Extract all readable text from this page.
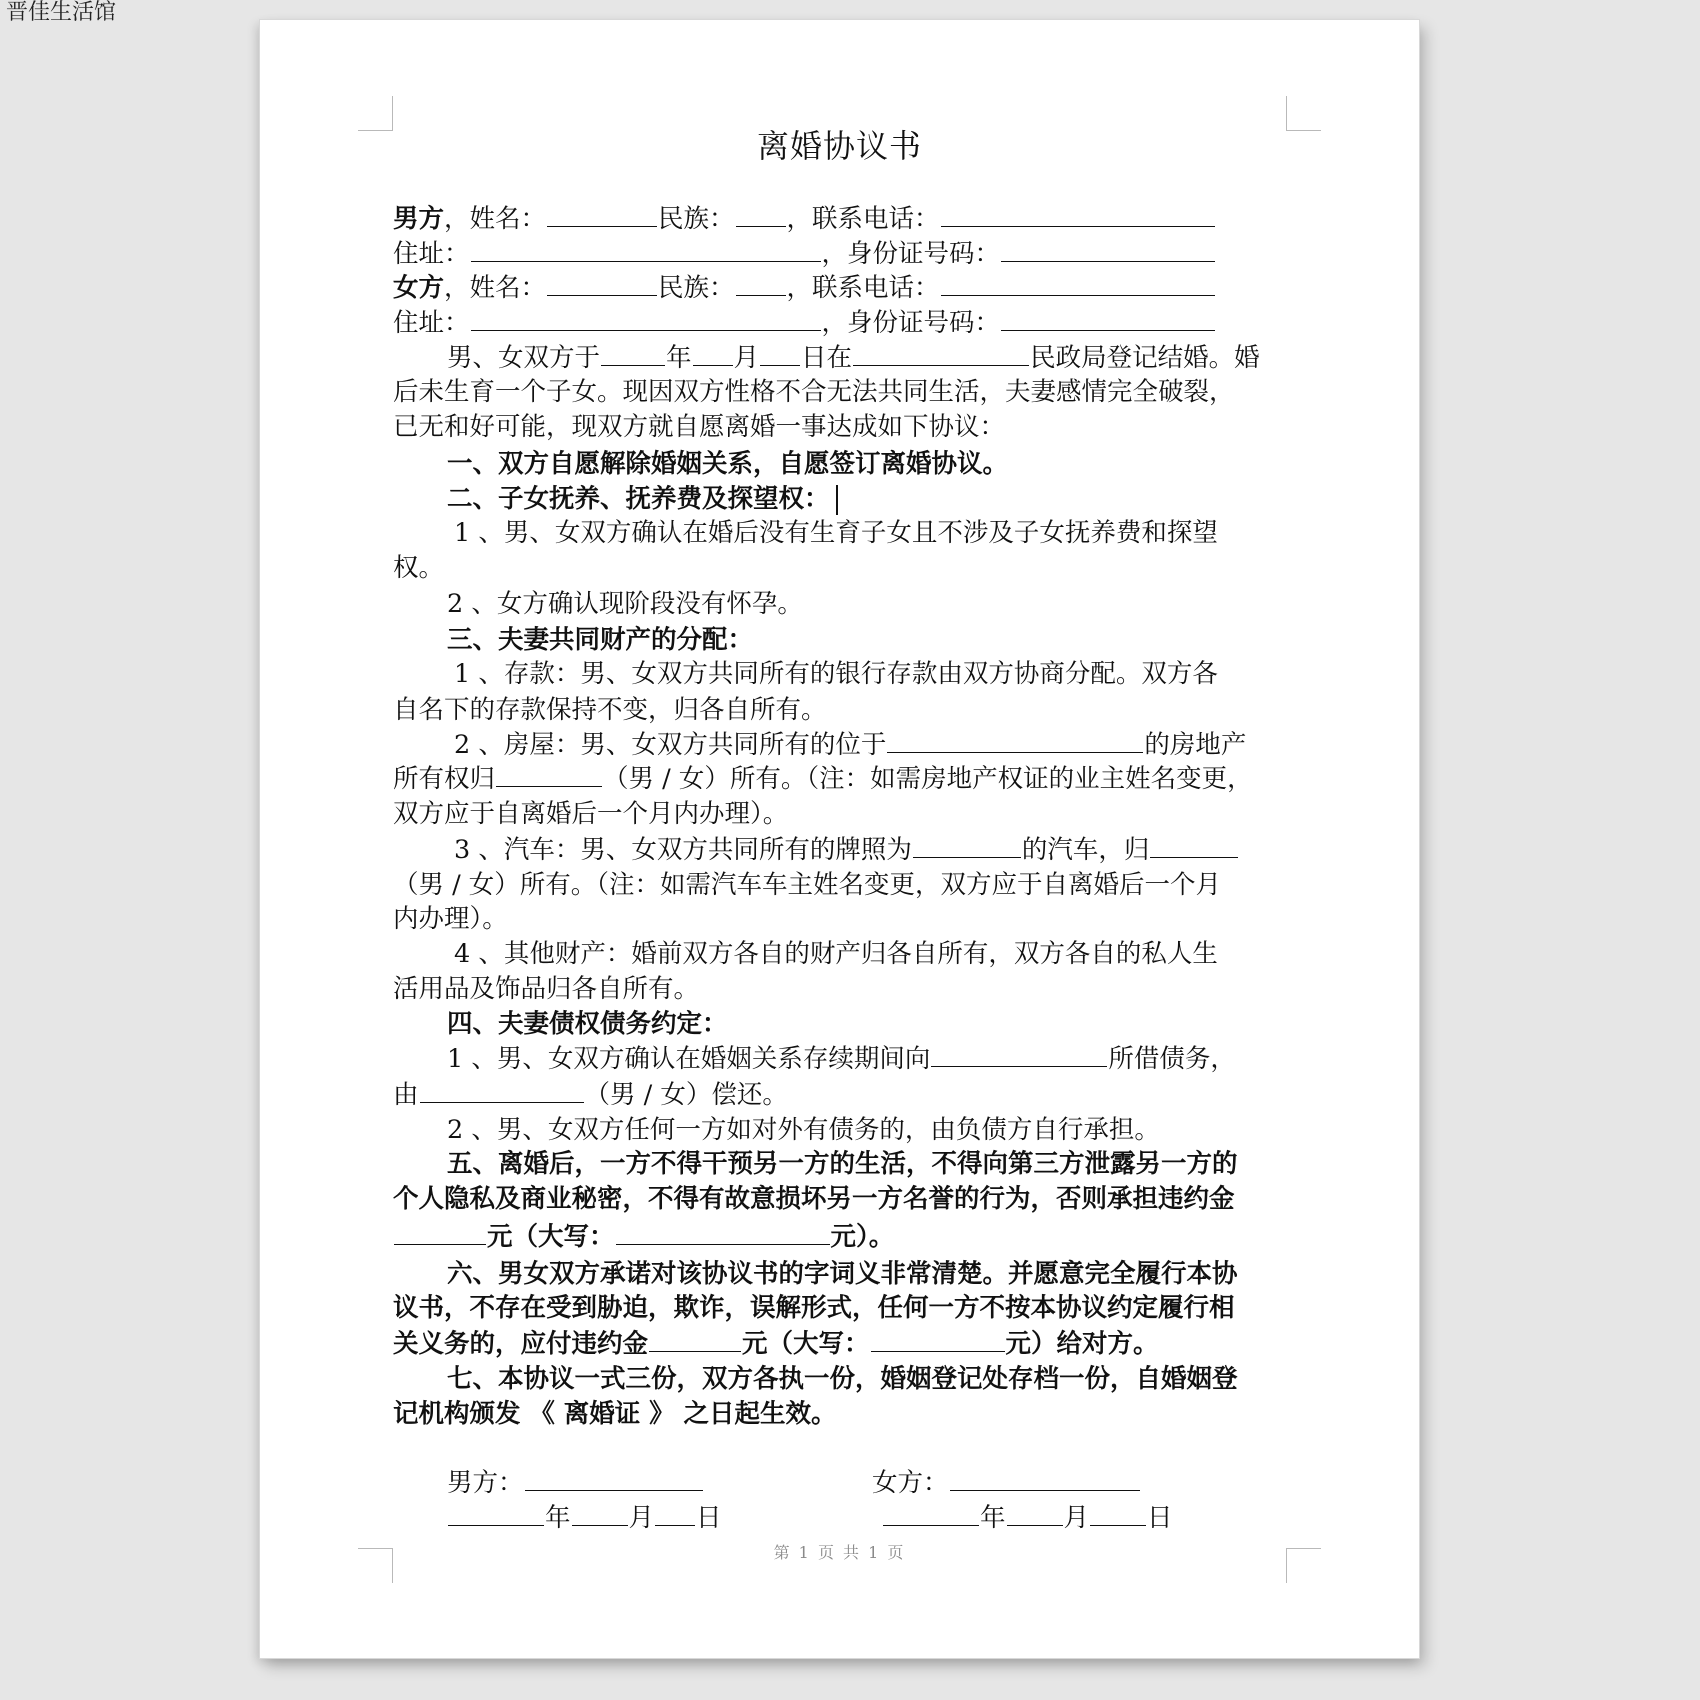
晋佳生活馆
离婚协议书
男方，姓名：	民族： ，联系电话：
住址：	，身份证号码：
女方，姓名：	民族： ，联系电话：
住址：	，身份证号码：
男、女双方于	年 月 日在	民政局登记结婚。婚
后未生育一个子女。现因双方性格不合无法共同生活，夫妻感情完全破裂，
已无和好可能，现双方就自愿离婚一事达成如下协议：
一、双方自愿解除婚姻关系，自愿签订离婚协议。
二、子女抚养、抚养费及探望权：
1 、男、女双方确认在婚后没有生育子女且不涉及子女抚养费和探望
权。
2 、女方确认现阶段没有怀孕。
三、夫妻共同财产的分配：
1 、存款：男、女双方共同所有的银行存款由双方协商分配。双方各
自名下的存款保持不变，归各自所有。
2 、房屋：男、女双方共同所有的位于	的房地产
所有权归	（男 / 女）所有。（注：如需房地产权证的业主姓名变更，
双方应于自离婚后一个月内办理）。
3 、汽车：男、女双方共同所有的牌照为	的汽车，归
（男 / 女）所有。（注：如需汽车车主姓名变更，双方应于自离婚后一个月
内办理）。
4 、其他财产：婚前双方各自的财产归各自所有，双方各自的私人生
活用品及饰品归各自所有。
四、夫妻债权债务约定：
1 、男、女双方确认在婚姻关系存续期间向	所借债务，
由	（男 / 女）偿还。
2 、男、女双方任何一方如对外有债务的，由负债方自行承担。
五、离婚后，一方不得干预另一方的生活，不得向第三方泄露另一方的
个人隐私及商业秘密，不得有故意损坏另一方名誉的行为，否则承担违约金
元（大写：	元）。
六、男女双方承诺对该协议书的字词义非常清楚。并愿意完全履行本协
议书，不存在受到胁迫，欺诈，误解形式，任何一方不按本协议约定履行相
关义务的，应付违约金	元（大写：	元）给对方。
七、本协议一式三份，双方各执一份，婚姻登记处存档一份，自婚姻登
记机构颁发 《 离婚证 》 之日起生效。
男方：	女方：
年 月 日	年 月 日
第 1 页 共 1 页
